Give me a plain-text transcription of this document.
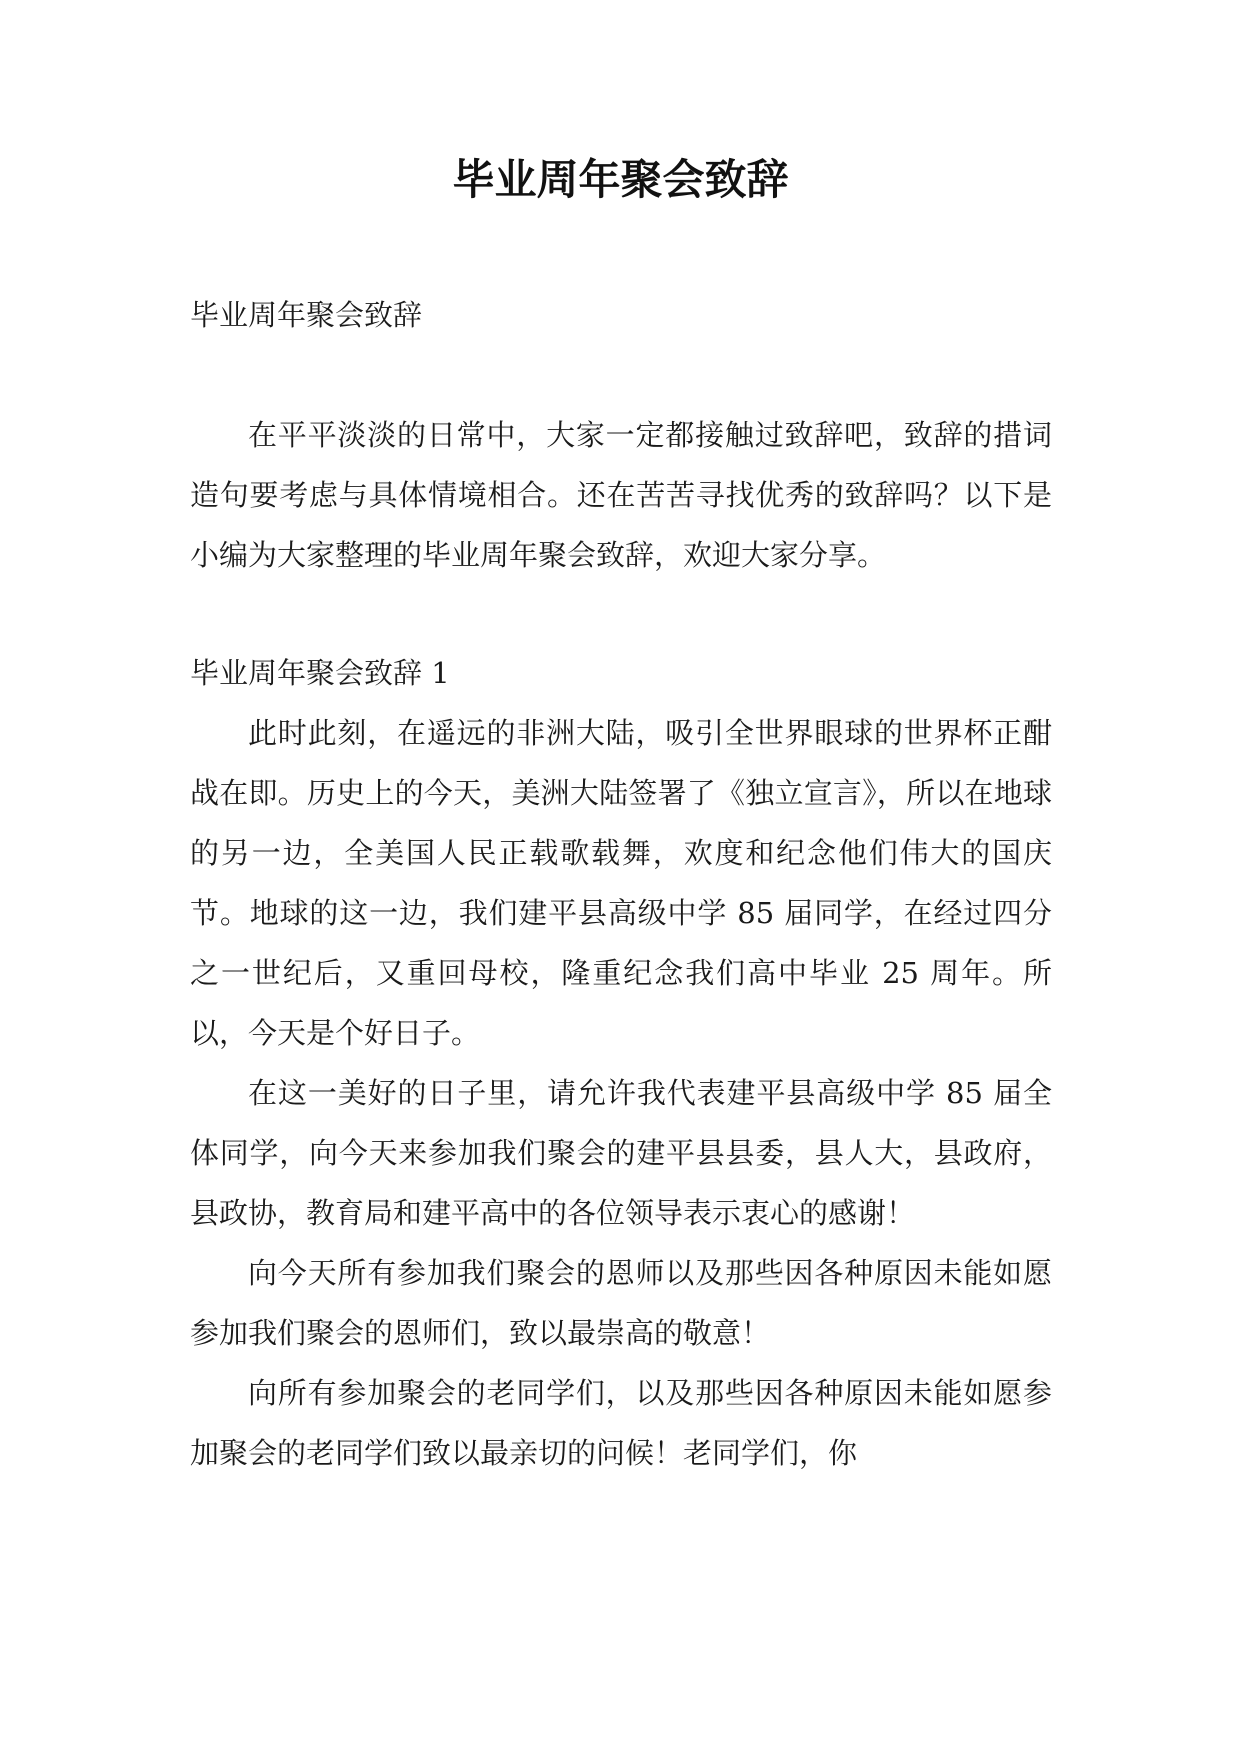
毕业周年聚会致辞

毕业周年聚会致辞

在平平淡淡的日常中，大家一定都接触过致辞吧，致辞的措词造句要考虑与具体情境相合。还在苦苦寻找优秀的致辞吗？以下是小编为大家整理的毕业周年聚会致辞，欢迎大家分享。

毕业周年聚会致辞 1

此时此刻，在遥远的非洲大陆，吸引全世界眼球的世界杯正酣战在即。历史上的今天，美洲大陆签署了《独立宣言》，所以在地球的另一边，全美国人民正载歌载舞，欢度和纪念他们伟大的国庆节。地球的这一边，我们建平县高级中学 85 届同学，在经过四分之一世纪后，又重回母校，隆重纪念我们高中毕业 25 周年。所以，今天是个好日子。

在这一美好的日子里，请允许我代表建平县高级中学 85 届全体同学，向今天来参加我们聚会的建平县县委，县人大，县政府，县政协，教育局和建平高中的各位领导表示衷心的感谢！

向今天所有参加我们聚会的恩师以及那些因各种原因未能如愿参加我们聚会的恩师们，致以最崇高的敬意！

向所有参加聚会的老同学们，以及那些因各种原因未能如愿参加聚会的老同学们致以最亲切的问候！老同学们，你
